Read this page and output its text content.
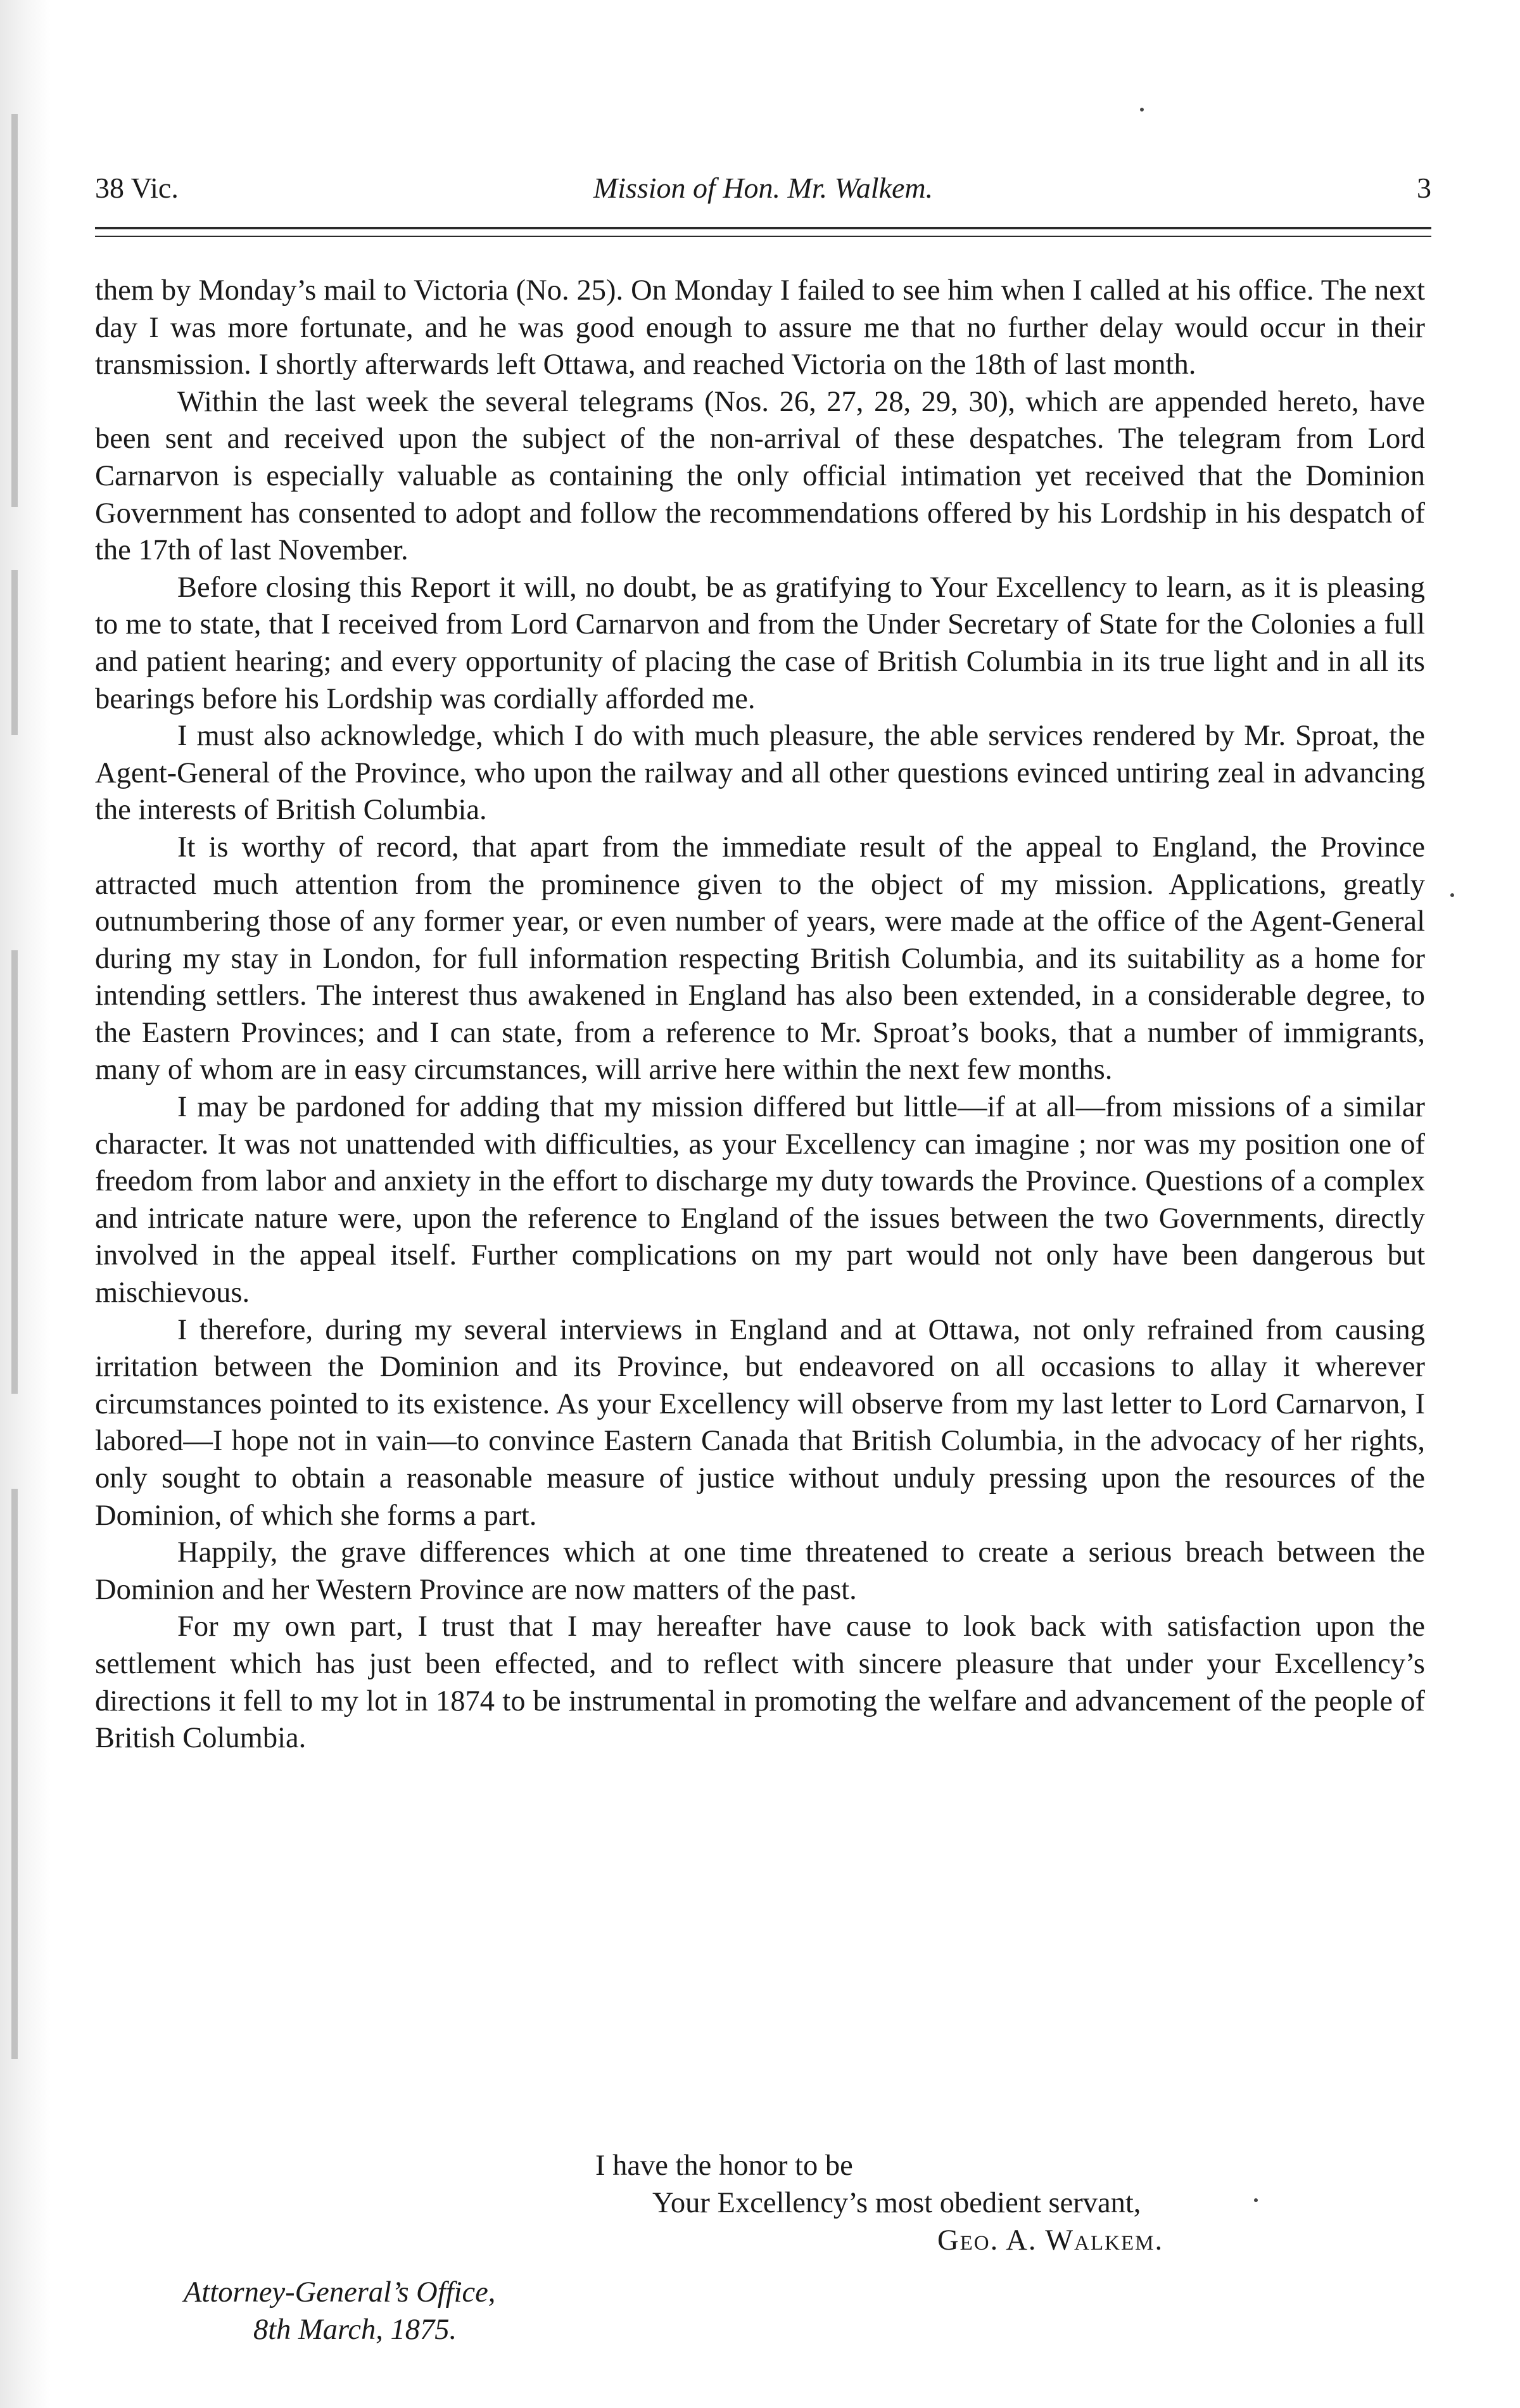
38 Vic.	Mission of Hon. Mr. Walkem.	3

them by Monday’s mail to Victoria (No. 25). On Monday I failed to see him when I called at his office. The next day I was more fortunate, and he was good enough to assure me that no further delay would occur in their transmission. I shortly afterwards left Ottawa, and reached Victoria on the 18th of last month.

Within the last week the several telegrams (Nos. 26, 27, 28, 29, 30), which are appended hereto, have been sent and received upon the subject of the non-arrival of these despatches. The telegram from Lord Carnarvon is especially valuable as containing the only official intimation yet received that the Dominion Government has consented to adopt and follow the recommendations offered by his Lordship in his despatch of the 17th of last November.

Before closing this Report it will, no doubt, be as gratifying to Your Excellency to learn, as it is pleasing to me to state, that I received from Lord Carnarvon and from the Under Secretary of State for the Colonies a full and patient hearing; and every opportunity of placing the case of British Columbia in its true light and in all its bearings before his Lordship was cordially afforded me.

I must also acknowledge, which I do with much pleasure, the able services rendered by Mr. Sproat, the Agent-General of the Province, who upon the railway and all other questions evinced untiring zeal in advancing the interests of British Columbia.

It is worthy of record, that apart from the immediate result of the appeal to England, the Province attracted much attention from the prominence given to the object of my mission. Applications, greatly outnumbering those of any former year, or even number of years, were made at the office of the Agent-General during my stay in London, for full information respecting British Columbia, and its suitability as a home for intending settlers. The interest thus awakened in England has also been extended, in a considerable degree, to the Eastern Provinces; and I can state, from a reference to Mr. Sproat’s books, that a number of immigrants, many of whom are in easy circumstances, will arrive here within the next few months.

I may be pardoned for adding that my mission differed but little—if at all—from missions of a similar character. It was not unattended with difficulties, as your Excellency can imagine ; nor was my position one of freedom from labor and anxiety in the effort to discharge my duty towards the Province. Questions of a complex and intricate nature were, upon the reference to England of the issues between the two Governments, directly involved in the appeal itself. Further complications on my part would not only have been dangerous but mischievous.

I therefore, during my several interviews in England and at Ottawa, not only refrained from causing irritation between the Dominion and its Province, but endeavored on all occasions to allay it wherever circumstances pointed to its existence. As your Excellency will observe from my last letter to Lord Carnarvon, I labored—I hope not in vain—to convince Eastern Canada that British Columbia, in the advocacy of her rights, only sought to obtain a reasonable measure of justice without unduly pressing upon the resources of the Dominion, of which she forms a part.

Happily, the grave differences which at one time threatened to create a serious breach between the Dominion and her Western Province are now matters of the past.

For my own part, I trust that I may hereafter have cause to look back with satisfaction upon the settlement which has just been effected, and to reflect with sincere pleasure that under your Excellency’s directions it fell to my lot in 1874 to be instrumental in promoting the welfare and advancement of the people of British Columbia.

I have the honor to be
Your Excellency’s most obedient servant,
Geo. A. Walkem.
Attorney-General’s Office,
8th March, 1875.
